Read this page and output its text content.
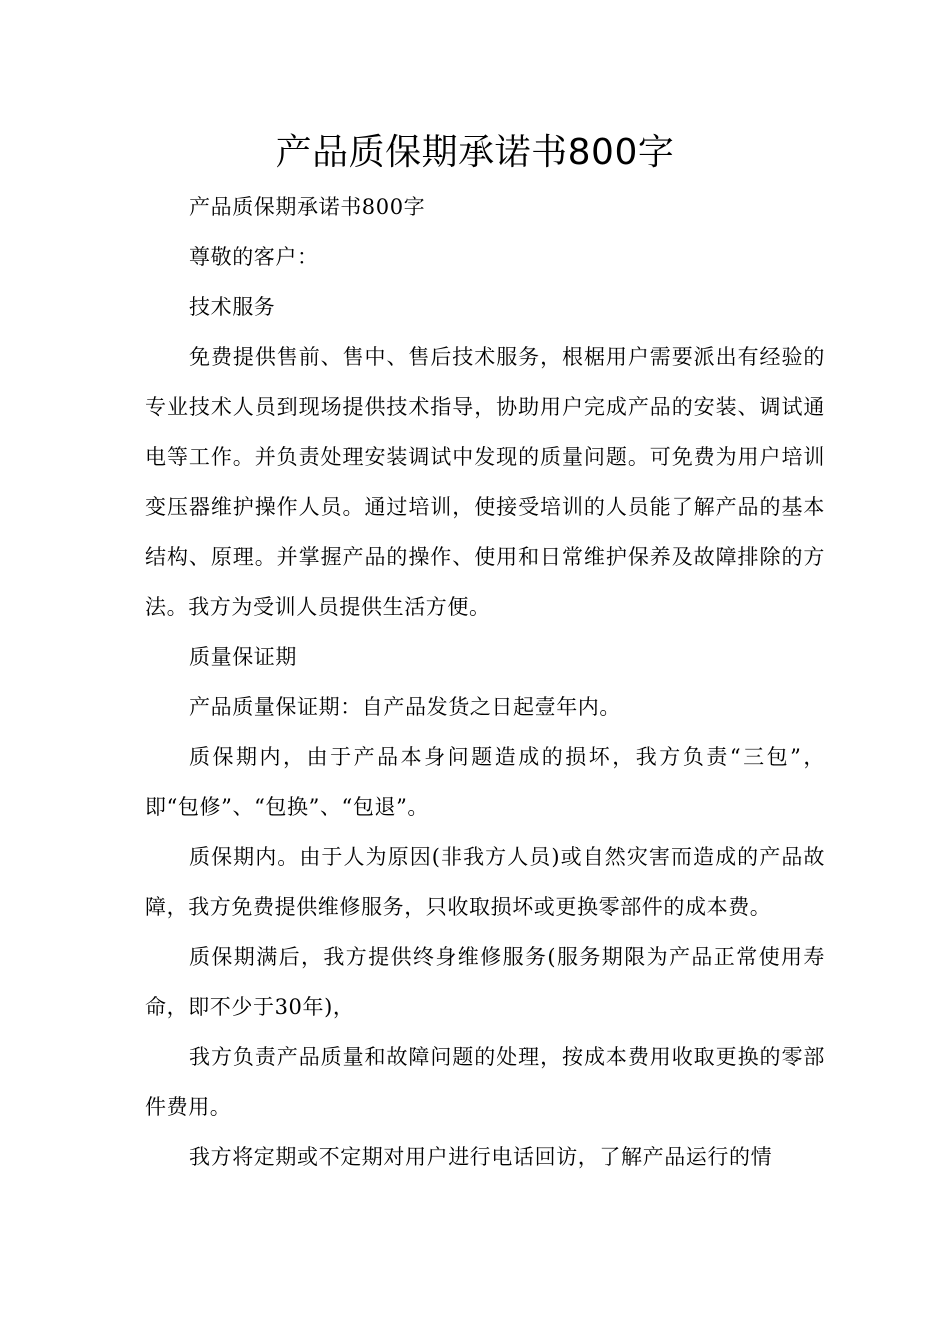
产品质保期承诺书800字

产品质保期承诺书800字

尊敬的客户：

技术服务

免费提供售前、售中、售后技术服务，根椐用户需要派出有经验的专业技术人员到现场提供技术指导，协助用户完成产品的安装、调试通电等工作。并负责处理安装调试中发现的质量问题。可免费为用户培训变压器维护操作人员。通过培训，使接受培训的人员能了解产品的基本结构、原理。并掌握产品的操作、使用和日常维护保养及故障排除的方法。我方为受训人员提供生活方便。

质量保证期

产品质量保证期：自产品发货之日起壹年内。

质保期内，由于产品本身问题造成的损坏，我方负责“三包”，即“包修”、“包换”、“包退”。

质保期内。由于人为原因(非我方人员)或自然灾害而造成的产品故障，我方免费提供维修服务，只收取损坏或更换零部件的成本费。

质保期满后，我方提供终身维修服务(服务期限为产品正常使用寿命，即不少于30年)，

我方负责产品质量和故障问题的处理，按成本费用收取更换的零部件费用。

我方将定期或不定期对用户进行电话回访，了解产品运行的情
